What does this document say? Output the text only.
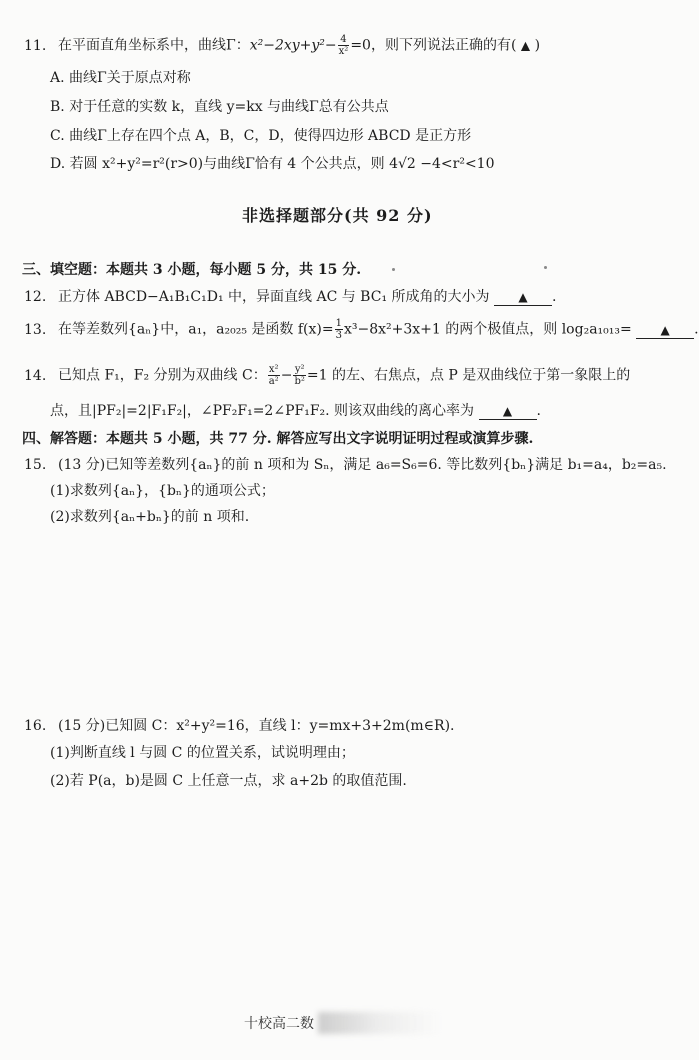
11. 在平面直角坐标系中，曲线Γ：$x^2-2xy+y^2- \frac{4}{\text{x²}} =0$，则下列说法正确的有( ▲ )
A. 曲线Γ关于原点对称
B. 对于任意的实数 k，直线 y=kx 与曲线Γ总有公共点
C. 曲线Γ上存在四个点 A，B，C，D，使得四边形 ABCD 是正方形
D. 若圆 x²+y²=r²(r>0)与曲线Γ恰有 4 个公共点，则 4√2 −4<r²<10
非选择题部分(共 92 分)
三、填空题：本题共 3 小题，每小题 5 分，共 15 分.
12. 正方体 ABCD−A₁B₁C₁D₁ 中，异面直线 AC 与 BC₁ 所成角的大小为 ▲ .
13. 在等差数列{aₙ}中，a₁，a₂₀₂₅ 是函数 $f(x)= \frac{1}{3} x^3-8x^2+3x+1$ 的两个极值点，则 log₂a₁₀₁₃= ▲ .
14. 已知点 F₁，F₂ 分别为双曲线 C： $\frac{\text{x²}}{\text{a²}} - \frac{\text{y²}}{\text{b²}} =1$ 的左、右焦点，点 P 是双曲线位于第一象限上的
点，且|PF₂|=2|F₁F₂|，∠PF₂F₁=2∠PF₁F₂. 则该双曲线的离心率为 ▲ .
四、解答题：本题共 5 小题，共 77 分. 解答应写出文字说明证明过程或演算步骤.
15. (13 分)已知等差数列{aₙ}的前 n 项和为 Sₙ，满足 a₆=S₆=6. 等比数列{bₙ}满足 b₁=a₄，b₂=a₅.
(1)求数列{aₙ}，{bₙ}的通项公式；
(2)求数列{aₙ+bₙ}的前 n 项和.
16. (15 分)已知圆 C：x²+y²=16，直线 l：y=mx+3+2m(m∈R).
(1)判断直线 l 与圆 C 的位置关系，试说明理由；
(2)若 P(a，b)是圆 C 上任意一点，求 a+2b 的取值范围.
十校高二数
